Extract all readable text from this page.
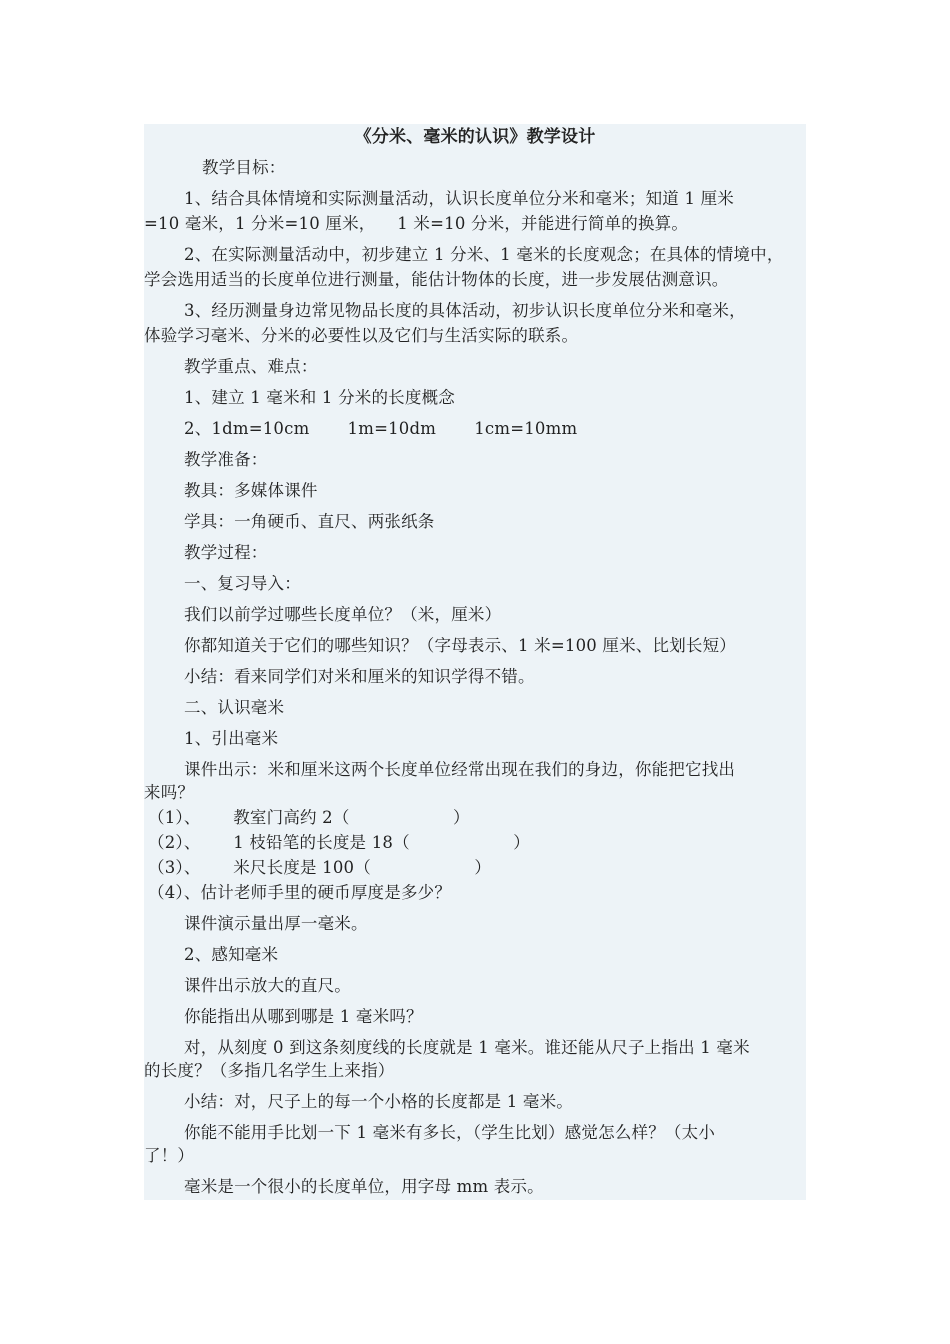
《分米、毫米的认识》教学设计
教学目标：
1、结合具体情境和实际测量活动，认识长度单位分米和毫米；知道 1 厘米
=10 毫米，1 分米=10 厘米，    1 米=10 分米，并能进行简单的换算。
2、在实际测量活动中，初步建立 1 分米、1 毫米的长度观念；在具体的情境中，
学会选用适当的长度单位进行测量，能估计物体的长度，进一步发展估测意识。
3、经历测量身边常见物品长度的具体活动，初步认识长度单位分米和毫米，
体验学习毫米、分米的必要性以及它们与生活实际的联系。
教学重点、难点：
1、建立 1 毫米和 1 分米的长度概念
2、1dm=10cm       1m=10dm       1cm=10mm
教学准备：
教具：多媒体课件
学具：一角硬币、直尺、两张纸条
教学过程：
一、复习导入：
我们以前学过哪些长度单位？（米，厘米）
你都知道关于它们的哪些知识？（字母表示、1 米=100 厘米、比划长短）
小结：看来同学们对米和厘米的知识学得不错。
二、认识毫米
1、引出毫米
课件出示：米和厘米这两个长度单位经常出现在我们的身边，你能把它找出
来吗？
（1）、      教室门高约 2（                   ）
（2）、      1 枝铅笔的长度是 18（                   ）
（3）、      米尺长度是 100（                   ）
（4）、估计老师手里的硬币厚度是多少？
课件演示量出厚一毫米。
2、感知毫米
课件出示放大的直尺。
你能指出从哪到哪是 1 毫米吗？
对，从刻度 0 到这条刻度线的长度就是 1 毫米。谁还能从尺子上指出 1 毫米
的长度？（多指几名学生上来指）
小结：对，尺子上的每一个小格的长度都是 1 毫米。
你能不能用手比划一下 1 毫米有多长，（学生比划）感觉怎么样？（太小
了！）
毫米是一个很小的长度单位，用字母 mm 表示。
